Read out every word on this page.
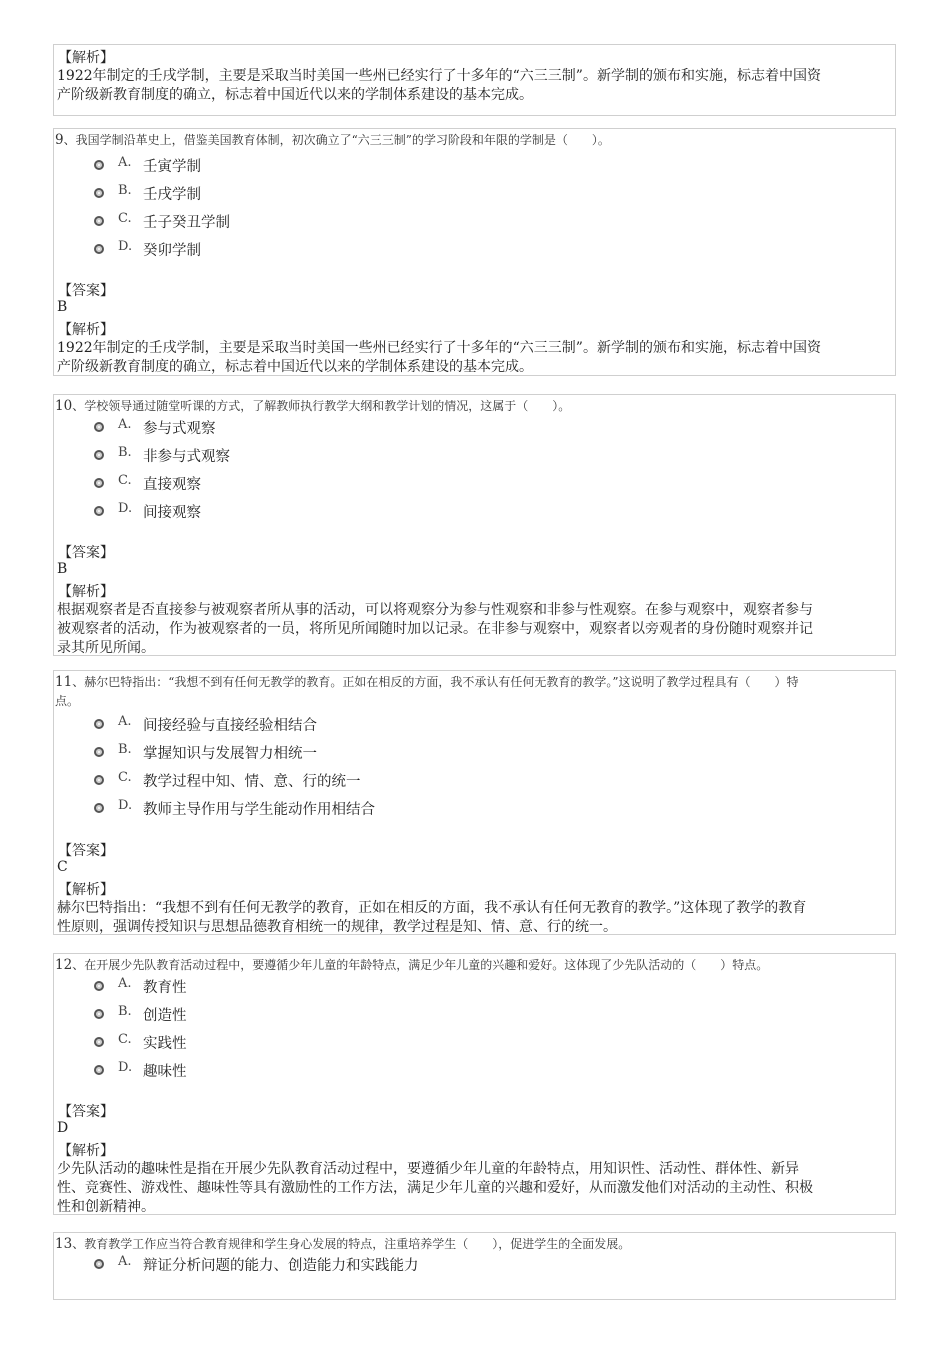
【解析】
1922年制定的壬戌学制，主要是采取当时美国一些州已经实行了十多年的“六三三制”。新学制的颁布和实施，标志着中国资
产阶级新教育制度的确立，标志着中国近代以来的学制体系建设的基本完成。
9、我国学制沿革史上，借鉴美国教育体制，初次确立了“六三三制”的学习阶段和年限的学制是（　　）。
A. 壬寅学制
B. 壬戌学制
C. 壬子癸丑学制
D. 癸卯学制
【答案】
B
【解析】
1922年制定的壬戌学制，主要是采取当时美国一些州已经实行了十多年的“六三三制”。新学制的颁布和实施，标志着中国资
产阶级新教育制度的确立，标志着中国近代以来的学制体系建设的基本完成。
10、学校领导通过随堂听课的方式，了解教师执行教学大纲和教学计划的情况，这属于（　　）。
A. 参与式观察
B. 非参与式观察
C. 直接观察
D. 间接观察
【答案】
B
【解析】
根据观察者是否直接参与被观察者所从事的活动，可以将观察分为参与性观察和非参与性观察。在参与观察中，观察者参与
被观察者的活动，作为被观察者的一员，将所见所闻随时加以记录。在非参与观察中，观察者以旁观者的身份随时观察并记
录其所见所闻。
11、赫尔巴特指出：“我想不到有任何无教学的教育。正如在相反的方面，我不承认有任何无教育的教学。”这说明了教学过程具有（　　）特
点。
A. 间接经验与直接经验相结合
B. 掌握知识与发展智力相统一
C. 教学过程中知、情、意、行的统一
D. 教师主导作用与学生能动作用相结合
【答案】
C
【解析】
赫尔巴特指出：“我想不到有任何无教学的教育，正如在相反的方面，我不承认有任何无教育的教学。”这体现了教学的教育
性原则，强调传授知识与思想品德教育相统一的规律，教学过程是知、情、意、行的统一。
12、在开展少先队教育活动过程中，要遵循少年儿童的年龄特点，满足少年儿童的兴趣和爱好。这体现了少先队活动的（　　）特点。
A. 教育性
B. 创造性
C. 实践性
D. 趣味性
【答案】
D
【解析】
少先队活动的趣味性是指在开展少先队教育活动过程中，要遵循少年儿童的年龄特点，用知识性、活动性、群体性、新异
性、竞赛性、游戏性、趣味性等具有激励性的工作方法，满足少年儿童的兴趣和爱好，从而激发他们对活动的主动性、积极
性和创新精神。
13、教育教学工作应当符合教育规律和学生身心发展的特点，注重培养学生（　　），促进学生的全面发展。
A. 辩证分析问题的能力、创造能力和实践能力
